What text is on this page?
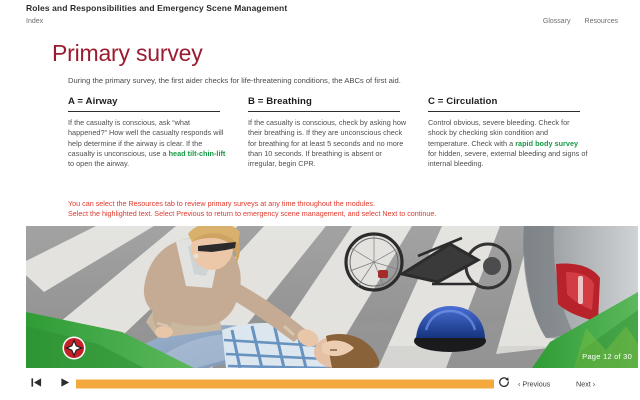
Roles and Responsibilities and Emergency Scene Management
Index	Glossary Resources
Primary survey
During the primary survey, the first aider checks for life-threatening conditions, the ABCs of first aid.
A = Airway
If the casualty is conscious, ask “what happened?” How well the casualty responds will help determine if the airway is clear. If the casualty is unconscious, use a head tilt-chin-lift to open the airway.
B = Breathing
If the casualty is conscious, check by asking how their breathing is. If they are unconscious check for breathing for at least 5 seconds and no more than 10 seconds. If breathing is absent or irregular, begin CPR.
C = Circulation
Control obvious, severe bleeding. Check for shock by checking skin condition and temperature. Check with a rapid body survey for hidden, severe, external bleeding and signs of internal bleeding.
You can select the Resources tab to review primary surveys at any time throughout the modules.
Select the highlighted text. Select Previous to return to emergency scene management, and select Next to continue.
Page 12 of 30
‹ Previous	Next ›
